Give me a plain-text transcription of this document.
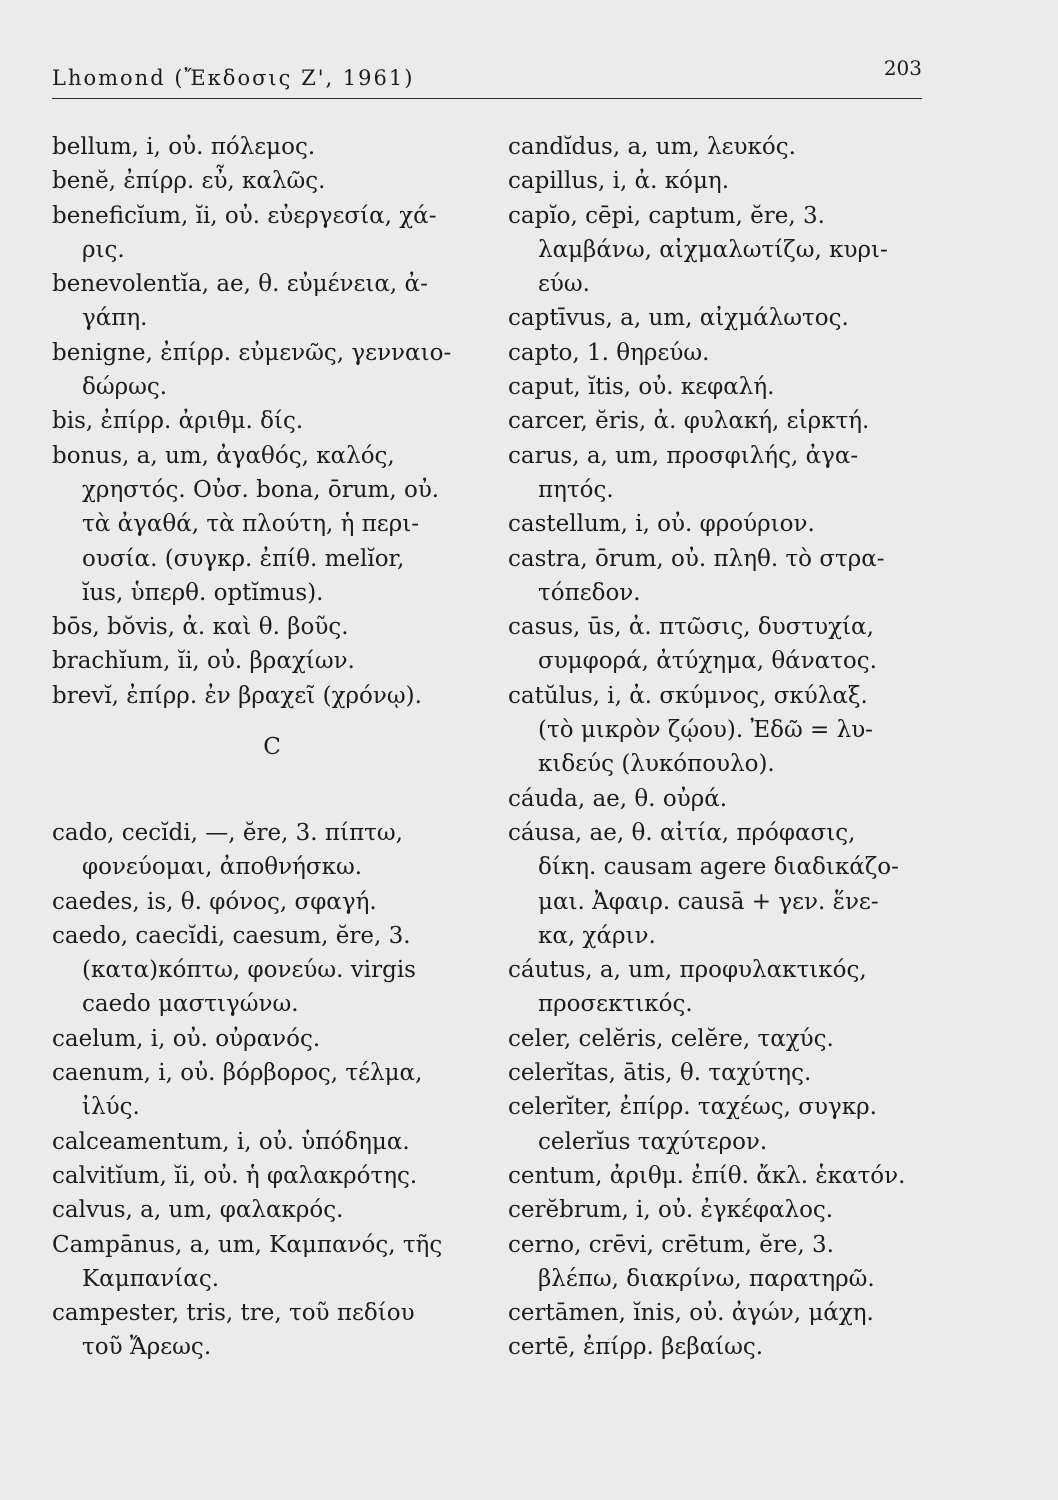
Lhomond (Ἔκδοσις Ζ', 1961)	203
bellum, i, οὐ. πόλεμος.
benĕ, ἐπίρρ. εὖ, καλῶς.
beneficĭum, ĭi, οὐ. εὐεργεσία, χά-
ρις.
benevolentĭa, ae, θ. εὐμένεια, ἀ-
γάπη.
benigne, ἐπίρρ. εὐμενῶς, γενναιο-
δώρως.
bis, ἐπίρρ. ἀριθμ. δίς.
bonus, a, um, ἀγαθός, καλός,
χρηστός. Οὐσ. bona, ōrum, οὐ.
τὰ ἀγαθά, τὰ πλούτη, ἡ περι-
ουσία. (συγκρ. ἐπίθ. melĭor,
ĭus, ὑπερθ. optĭmus).
bōs, bŏvis, ἀ. καὶ θ. βοῦς.
brachĭum, ĭi, οὐ. βραχίων.
brevĭ, ἐπίρρ. ἐν βραχεῖ (χρόνῳ).
C
cado, cecĭdi, —, ĕre, 3. πίπτω,
φονεύομαι, ἀποθνήσκω.
caedes, is, θ. φόνος, σφαγή.
caedo, caecĭdi, caesum, ĕre, 3.
(κατα)κόπτω, φονεύω. virgis
caedo μαστιγώνω.
caelum, i, οὐ. οὐρανός.
caenum, i, οὐ. βόρβορος, τέλμα,
ἰλύς.
calceamentum, i, οὐ. ὑπόδημα.
calvitĭum, ĭi, οὐ. ἡ φαλακρότης.
calvus, a, um, φαλακρός.
Campānus, a, um, Καμπανός, τῆς
Καμπανίας.
campester, tris, tre, τοῦ πεδίου
τοῦ Ἄρεως.
candĭdus, a, um, λευκός.
capillus, i, ἀ. κόμη.
capĭo, cēpi, captum, ĕre, 3.
λαμβάνω, αἰχμαλωτίζω, κυρι-
εύω.
captīvus, a, um, αἰχμάλωτος.
capto, 1. θηρεύω.
caput, ĭtis, οὐ. κεφαλή.
carcer, ĕris, ἀ. φυλακή, εἱρκτή.
carus, a, um, προσφιλής, ἀγα-
πητός.
castellum, i, οὐ. φρούριον.
castra, ōrum, οὐ. πληθ. τὸ στρα-
τόπεδον.
casus, ūs, ἀ. πτῶσις, δυστυχία,
συμφορά, ἀτύχημα, θάνατος.
catŭlus, i, ἀ. σκύμνος, σκύλαξ.
(τὸ μικρὸν ζῴου). Ἐδῶ = λυ-
κιδεύς (λυκόπουλο).
cáuda, ae, θ. οὐρά.
cáusa, ae, θ. αἰτία, πρόφασις,
δίκη. causam agere διαδικάζο-
μαι. Ἀφαιρ. causā + γεν. ἕνε-
κα, χάριν.
cáutus, a, um, προφυλακτικός,
προσεκτικός.
celer, celĕris, celĕre, ταχύς.
celerĭtas, ātis, θ. ταχύτης.
celerĭter, ἐπίρρ. ταχέως, συγκρ.
celerĭus ταχύτερον.
centum, ἀριθμ. ἐπίθ. ἄκλ. ἑκατόν.
cerĕbrum, i, οὐ. ἐγκέφαλος.
cerno, crēvi, crētum, ĕre, 3.
βλέπω, διακρίνω, παρατηρῶ.
certāmen, ĭnis, οὐ. ἀγών, μάχη.
certē, ἐπίρρ. βεβαίως.
